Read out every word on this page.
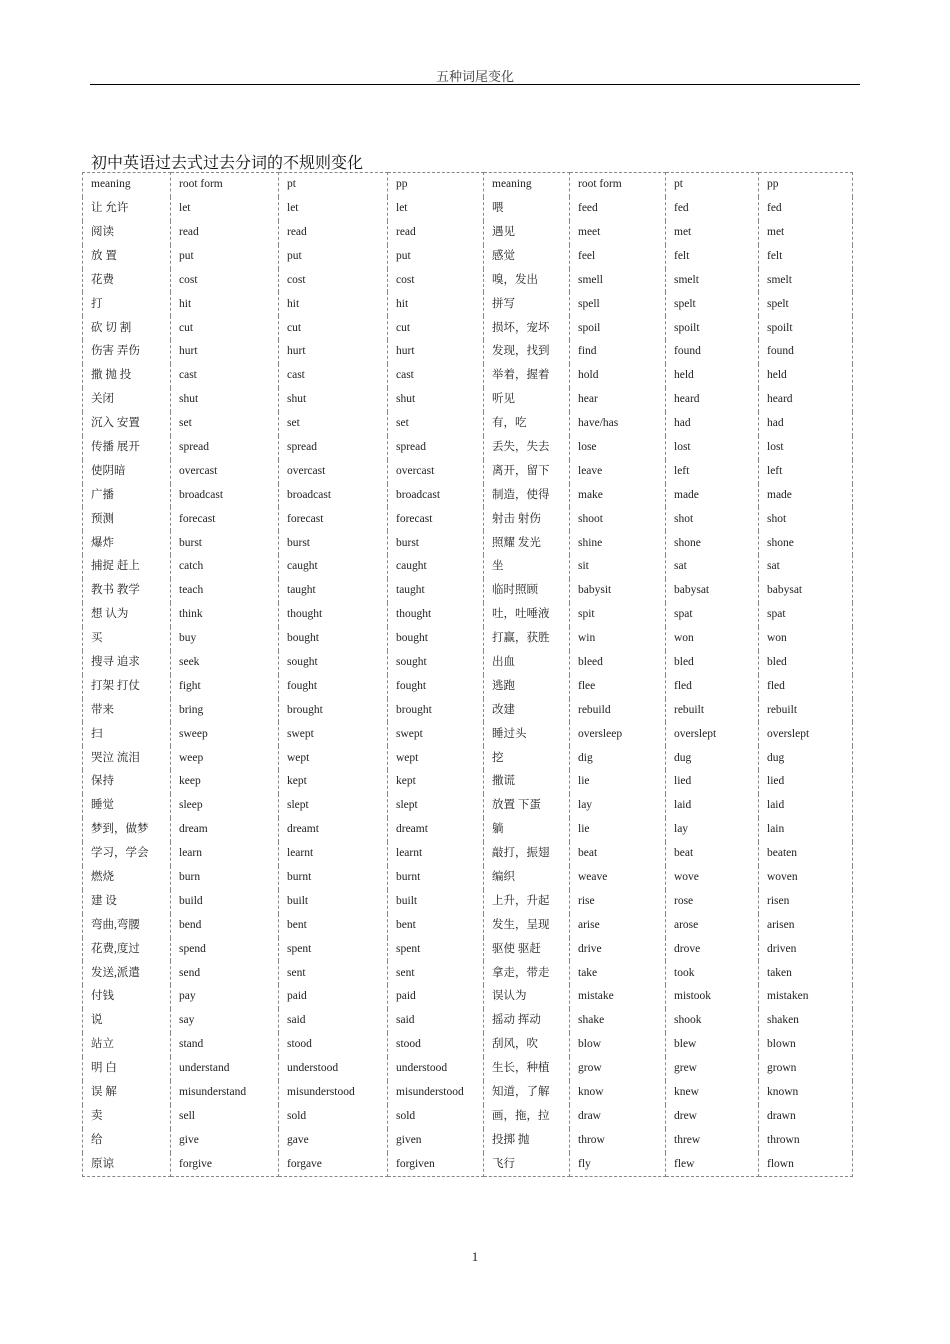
五种词尾变化
初中英语过去式过去分词的不规则变化
meaning	root form	pt	pp	meaning	root form	pt	pp
让 允许	let	let	let	喂	feed	fed	fed
阅读	read	read	read	遇见	meet	met	met
放 置	put	put	put	感觉	feel	felt	felt
花费	cost	cost	cost	嗅，发出	smell	smelt	smelt
打	hit	hit	hit	拼写	spell	spelt	spelt
砍 切 割	cut	cut	cut	损坏，宠坏	spoil	spoilt	spoilt
伤害 弄伤	hurt	hurt	hurt	发现，找到	find	found	found
撒 抛 投	cast	cast	cast	举着，握着	hold	held	held
关闭	shut	shut	shut	听见	hear	heard	heard
沉入 安置	set	set	set	有，吃	have/has	had	had
传播 展开	spread	spread	spread	丢失，失去	lose	lost	lost
使阴暗	overcast	overcast	overcast	离开，留下	leave	left	left
广播	broadcast	broadcast	broadcast	制造，使得	make	made	made
预测	forecast	forecast	forecast	射击 射伤	shoot	shot	shot
爆炸	burst	burst	burst	照耀 发光	shine	shone	shone
捕捉 赶上	catch	caught	caught	坐	sit	sat	sat
教书 教学	teach	taught	taught	临时照顾	babysit	babysat	babysat
想 认为	think	thought	thought	吐，吐唾液	spit	spat	spat
买	buy	bought	bought	打赢，获胜	win	won	won
搜寻 追求	seek	sought	sought	出血	bleed	bled	bled
打架 打仗	fight	fought	fought	逃跑	flee	fled	fled
带来	bring	brought	brought	改建	rebuild	rebuilt	rebuilt
扫	sweep	swept	swept	睡过头	oversleep	overslept	overslept
哭泣 流泪	weep	wept	wept	挖	dig	dug	dug
保持	keep	kept	kept	撒谎	lie	lied	lied
睡觉	sleep	slept	slept	放置 下蛋	lay	laid	laid
梦到，做梦	dream	dreamt	dreamt	躺	lie	lay	lain
学习，学会	learn	learnt	learnt	敲打，振翅	beat	beat	beaten
燃烧	burn	burnt	burnt	编织	weave	wove	woven
建 设	build	built	built	上升，升起	rise	rose	risen
弯曲,弯腰	bend	bent	bent	发生，呈现	arise	arose	arisen
花费,度过	spend	spent	spent	驱使 驱赶	drive	drove	driven
发送,派遣	send	sent	sent	拿走，带走	take	took	taken
付钱	pay	paid	paid	误认为	mistake	mistook	mistaken
说	say	said	said	摇动 挥动	shake	shook	shaken
站立	stand	stood	stood	刮风，吹	blow	blew	blown
明 白	understand	understood	understood	生长，种植	grow	grew	grown
误 解	misunderstand	misunderstood	misunderstood	知道，了解	know	knew	known
卖	sell	sold	sold	画，拖，拉	draw	drew	drawn
给	give	gave	given	投掷 抛	throw	threw	thrown
原谅	forgive	forgave	forgiven	飞行	fly	flew	flown
1
